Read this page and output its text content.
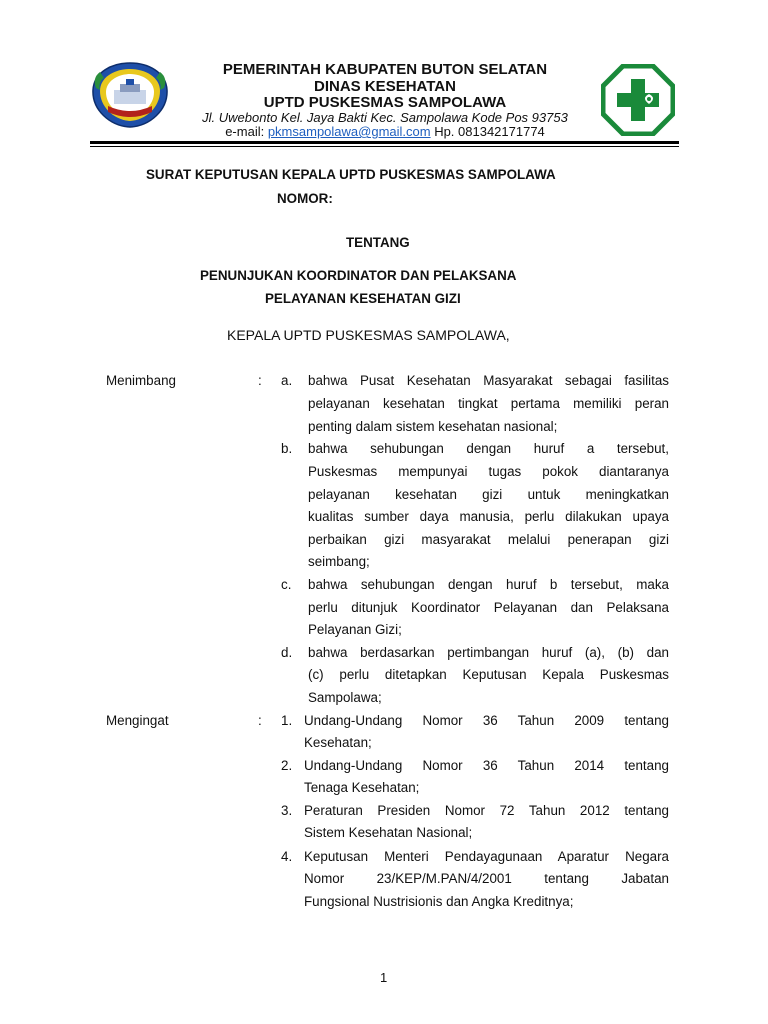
PEMERINTAH KABUPATEN BUTON SELATAN
DINAS KESEHATAN
UPTD PUSKESMAS SAMPOLAWA
Jl. Uwebonto Kel. Jaya Bakti Kec. Sampolawa Kode Pos 93753
e-mail: pkmsampolawa@gmail.com Hp. 081342171774
SURAT KEPUTUSAN KEPALA UPTD PUSKESMAS SAMPOLAWA
NOMOR:
TENTANG
PENUNJUKAN KOORDINATOR DAN PELAKSANA
PELAYANAN KESEHATAN GIZI
KEPALA UPTD PUSKESMAS SAMPOLAWA,
Menimbang	: a. bahwa Pusat Kesehatan Masyarakat sebagai fasilitas
pelayanan kesehatan tingkat pertama memiliki peran
penting dalam sistem kesehatan nasional;
b. bahwa sehubungan dengan huruf a tersebut,
Puskesmas mempunyai tugas pokok diantaranya
pelayanan kesehatan gizi untuk meningkatkan
kualitas sumber daya manusia, perlu dilakukan upaya
perbaikan gizi masyarakat melalui penerapan gizi
seimbang;
c. bahwa sehubungan dengan huruf b tersebut, maka
perlu ditunjuk Koordinator Pelayanan dan Pelaksana
Pelayanan Gizi;
d. bahwa berdasarkan pertimbangan huruf (a), (b) dan
(c) perlu ditetapkan Keputusan Kepala Puskesmas
Sampolawa;
Mengingat	: 1. Undang-Undang Nomor 36 Tahun 2009 tentang
Kesehatan;
2. Undang-Undang Nomor 36 Tahun 2014 tentang
Tenaga Kesehatan;
3. Peraturan Presiden Nomor 72 Tahun 2012 tentang
Sistem Kesehatan Nasional;
4. Keputusan Menteri Pendayagunaan Aparatur Negara
Nomor 23/KEP/M.PAN/4/2001 tentang Jabatan
Fungsional Nustrisionis dan Angka Kreditnya;
1
